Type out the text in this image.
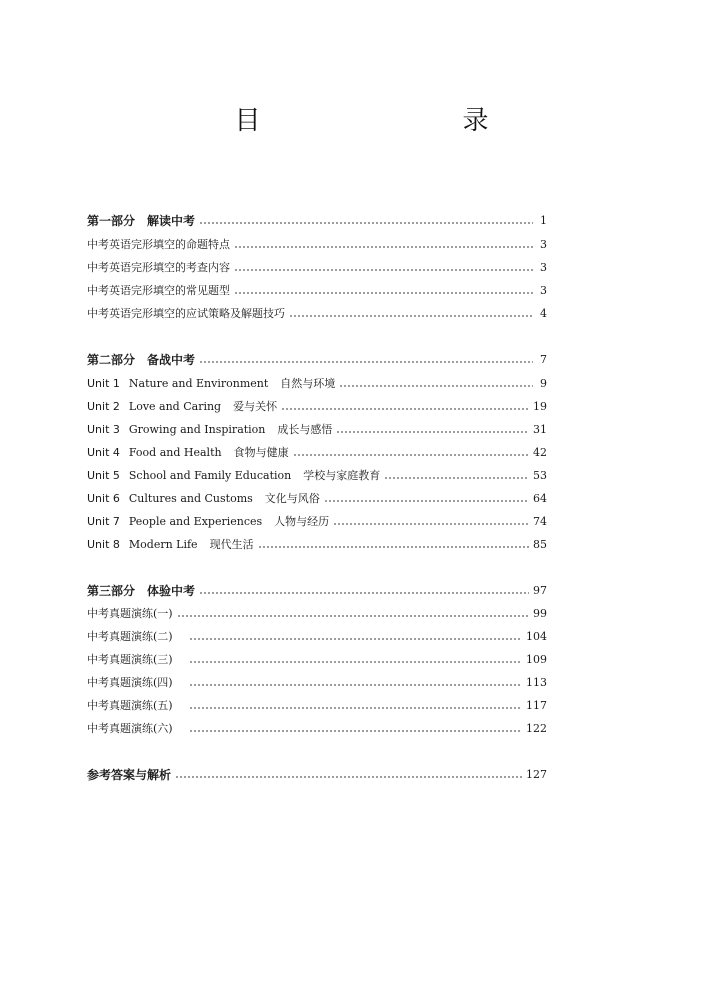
目　　录
第一部分　解读中考	1
中考英语完形填空的命题特点	3
中考英语完形填空的考查内容	3
中考英语完形填空的常见题型	3
中考英语完形填空的应试策略及解题技巧	4
第二部分　备战中考	7
Unit 1 Nature and Environment 自然与环境	9
Unit 2 Love and Caring 爱与关怀	19
Unit 3 Growing and Inspiration 成长与感悟	31
Unit 4 Food and Health 食物与健康	42
Unit 5 School and Family Education 学校与家庭教育	53
Unit 6 Cultures and Customs 文化与风俗	64
Unit 7 People and Experiences 人物与经历	74
Unit 8 Modern Life 现代生活	85
第三部分　体验中考	97
中考真题演练(一)	99
中考真题演练(二)	104
中考真题演练(三)	109
中考真题演练(四)	113
中考真题演练(五)	117
中考真题演练(六)	122
参考答案与解析	127
